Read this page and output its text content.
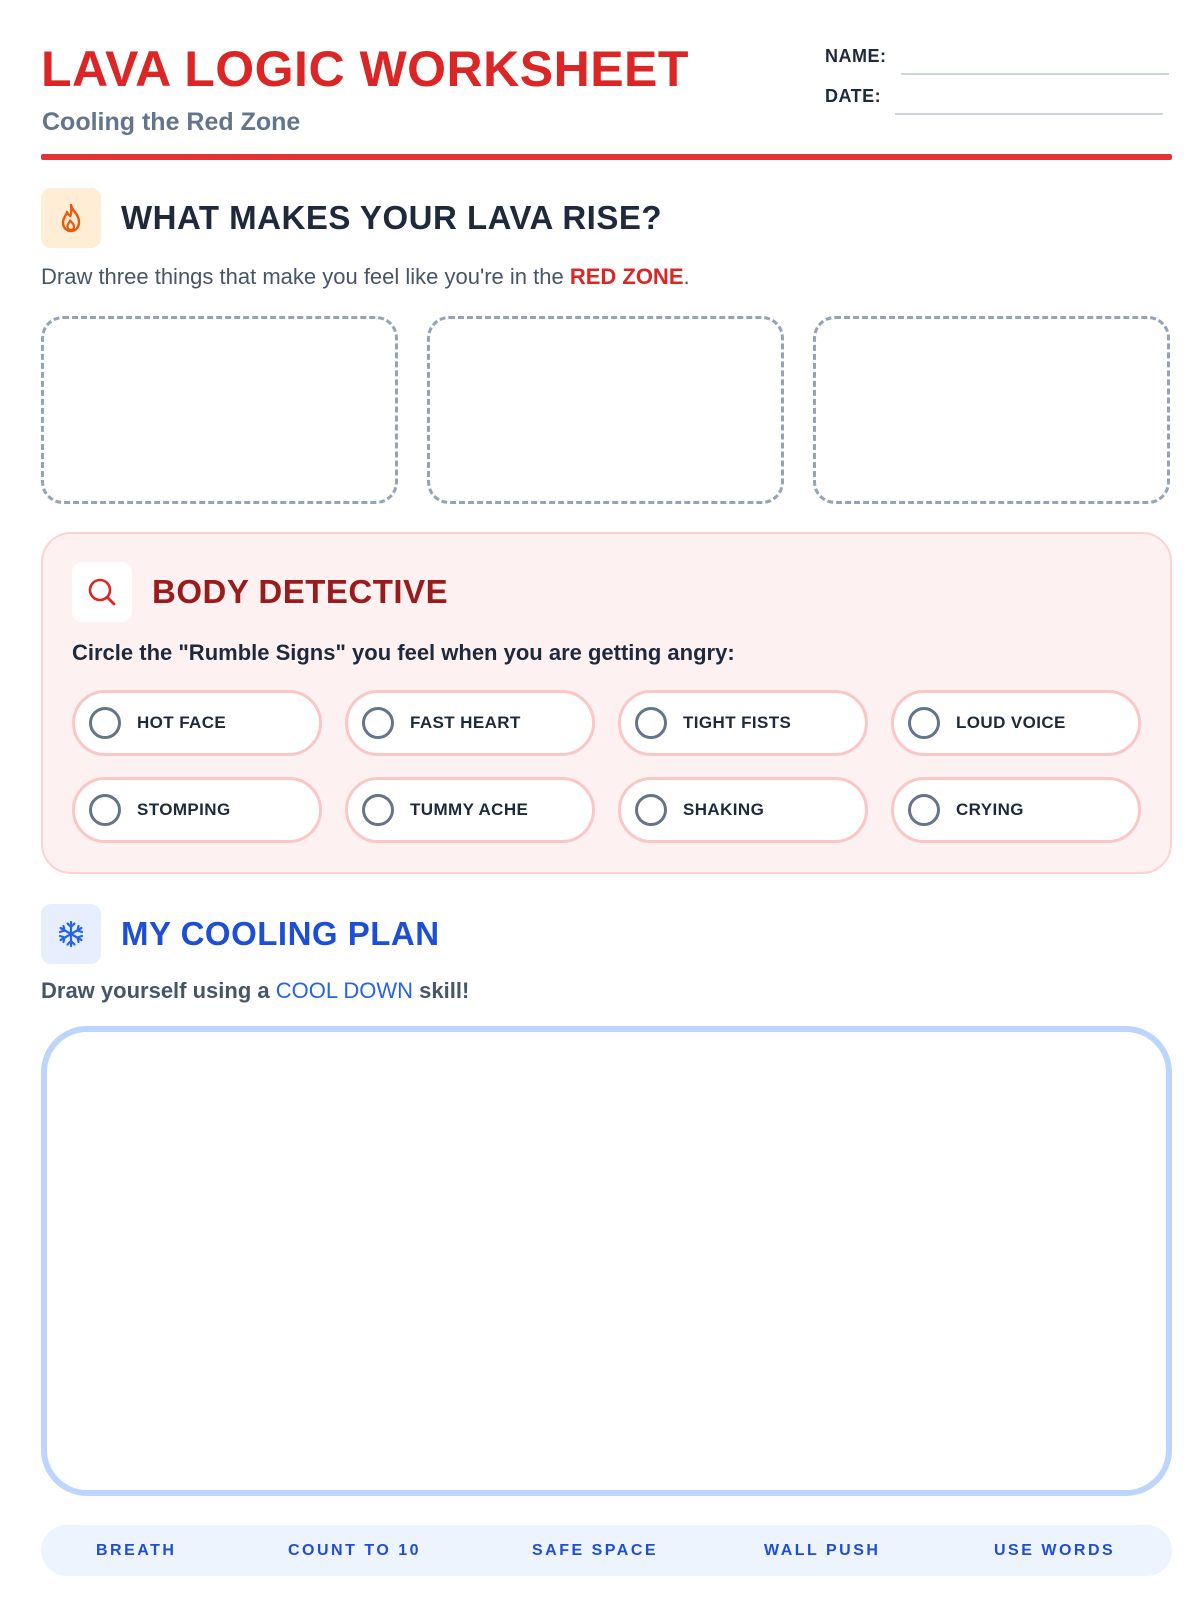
LAVA LOGIC WORKSHEET
Cooling the Red Zone
NAME:
DATE:
WHAT MAKES YOUR LAVA RISE?
Draw three things that make you feel like you're in the RED ZONE.
BODY DETECTIVE
Circle the "Rumble Signs" you feel when you are getting angry:
HOT FACE	FAST HEART	TIGHT FISTS	LOUD VOICE
STOMPING	TUMMY ACHE	SHAKING	CRYING
MY COOLING PLAN
Draw yourself using a COOL DOWN skill!
BREATH	COUNT TO 10	SAFE SPACE	WALL PUSH	USE WORDS
